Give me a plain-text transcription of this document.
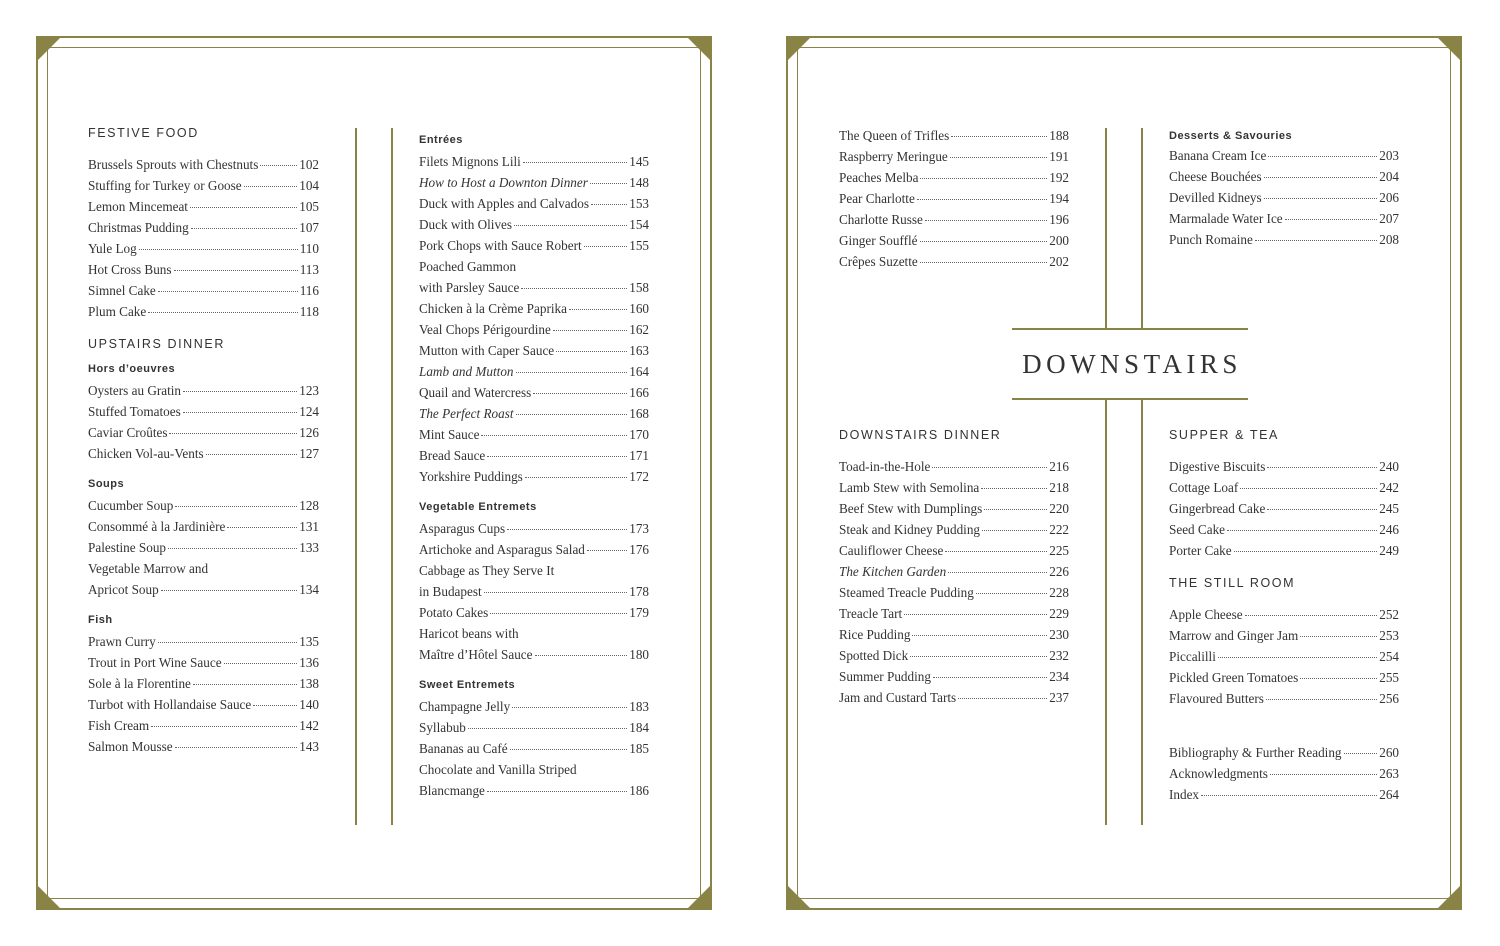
FESTIVE FOOD
Brussels Sprouts with Chestnuts	102
Stuffing for Turkey or Goose	104
Lemon Mincemeat	105
Christmas Pudding	107
Yule Log	110
Hot Cross Buns	113
Simnel Cake	116
Plum Cake	118
UPSTAIRS DINNER
Hors d’oeuvres
Oysters au Gratin	123
Stuffed Tomatoes	124
Caviar Croûtes	126
Chicken Vol-au-Vents	127
Soups
Cucumber Soup	128
Consommé à la Jardinière	131
Palestine Soup	133
Vegetable Marrow and
Apricot Soup	134
Fish
Prawn Curry	135
Trout in Port Wine Sauce	136
Sole à la Florentine	138
Turbot with Hollandaise Sauce	140
Fish Cream	142
Salmon Mousse	143
Entrées
Filets Mignons Lili	145
How to Host a Downton Dinner	148
Duck with Apples and Calvados	153
Duck with Olives	154
Pork Chops with Sauce Robert	155
Poached Gammon
with Parsley Sauce	158
Chicken à la Crème Paprika	160
Veal Chops Périgourdine	162
Mutton with Caper Sauce	163
Lamb and Mutton	164
Quail and Watercress	166
The Perfect Roast	168
Mint Sauce	170
Bread Sauce	171
Yorkshire Puddings	172
Vegetable Entremets
Asparagus Cups	173
Artichoke and Asparagus Salad	176
Cabbage as They Serve It
in Budapest	178
Potato Cakes	179
Haricot beans with
Maître d’Hôtel Sauce	180
Sweet Entremets
Champagne Jelly	183
Syllabub	184
Bananas au Café	185
Chocolate and Vanilla Striped
Blancmange	186
DOWNSTAIRS
The Queen of Trifles	188
Raspberry Meringue	191
Peaches Melba	192
Pear Charlotte	194
Charlotte Russe	196
Ginger Soufflé	200
Crêpes Suzette	202
Desserts & Savouries
Banana Cream Ice	203
Cheese Bouchées	204
Devilled Kidneys	206
Marmalade Water Ice	207
Punch Romaine	208
DOWNSTAIRS DINNER
Toad-in-the-Hole	216
Lamb Stew with Semolina	218
Beef Stew with Dumplings	220
Steak and Kidney Pudding	222
Cauliflower Cheese	225
The Kitchen Garden	226
Steamed Treacle Pudding	228
Treacle Tart	229
Rice Pudding	230
Spotted Dick	232
Summer Pudding	234
Jam and Custard Tarts	237
SUPPER & TEA
Digestive Biscuits	240
Cottage Loaf	242
Gingerbread Cake	245
Seed Cake	246
Porter Cake	249
THE STILL ROOM
Apple Cheese	252
Marrow and Ginger Jam	253
Piccalilli	254
Pickled Green Tomatoes	255
Flavoured Butters	256
Bibliography & Further Reading	260
Acknowledgments	263
Index	264
